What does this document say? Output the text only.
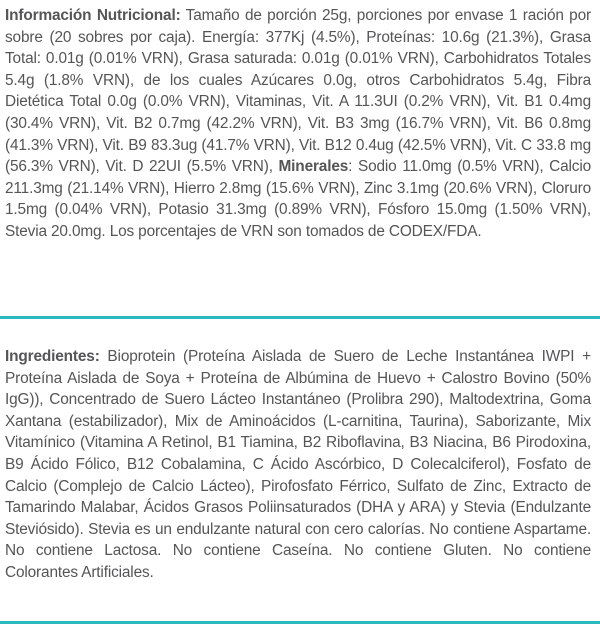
Información Nutricional: Tamaño de porción 25g, porciones por envase 1 ración por sobre (20 sobres por caja). Energía: 377Kj (4.5%), Proteínas: 10.6g (21.3%), Grasa Total: 0.01g (0.01% VRN), Grasa saturada: 0.01g (0.01% VRN), Carbohidratos Totales 5.4g (1.8% VRN), de los cuales Azúcares 0.0g, otros Carbohidratos 5.4g, Fibra Dietética Total 0.0g (0.0% VRN), Vitaminas, Vit. A 11.3UI (0.2% VRN), Vit. B1 0.4mg (30.4% VRN), Vit. B2 0.7mg (42.2% VRN), Vit. B3 3mg (16.7% VRN), Vit. B6 0.8mg (41.3% VRN), Vit. B9 83.3ug (41.7% VRN), Vit. B12 0.4ug (42.5% VRN), Vit. C 33.8 mg (56.3% VRN), Vit. D 22UI (5.5% VRN), Minerales: Sodio 11.0mg (0.5% VRN), Calcio 211.3mg (21.14% VRN), Hierro 2.8mg (15.6% VRN), Zinc 3.1mg (20.6% VRN), Cloruro 1.5mg (0.04% VRN), Potasio 31.3mg (0.89% VRN), Fósforo 15.0mg (1.50% VRN), Stevia 20.0mg. Los porcentajes de VRN son tomados de CODEX/FDA.
Ingredientes: Bioprotein (Proteína Aislada de Suero de Leche Instantánea IWPI + Proteína Aislada de Soya + Proteína de Albúmina de Huevo + Calostro Bovino (50% IgG)), Concentrado de Suero Lácteo Instantáneo (Prolibra 290), Maltodextrina, Goma Xantana (estabilizador), Mix de Aminoácidos (L-carnitina, Taurina), Saborizante, Mix Vitamínico (Vitamina A Retinol, B1 Tiamina, B2 Riboflavina, B3 Niacina, B6 Pirodoxina, B9 Ácido Fólico, B12 Cobalamina, C Ácido Ascórbico, D Colecalciferol), Fosfato de Calcio (Complejo de Calcio Lácteo), Pirofosfato Férrico, Sulfato de Zinc, Extracto de Tamarindo Malabar, Ácidos Grasos Poliinsaturados (DHA y ARA) y Stevia (Endulzante Steviósido). Stevia es un endulzante natural con cero calorías. No contiene Aspartame. No contiene Lactosa. No contiene Caseína. No contiene Gluten. No contiene Colorantes Artificiales.
